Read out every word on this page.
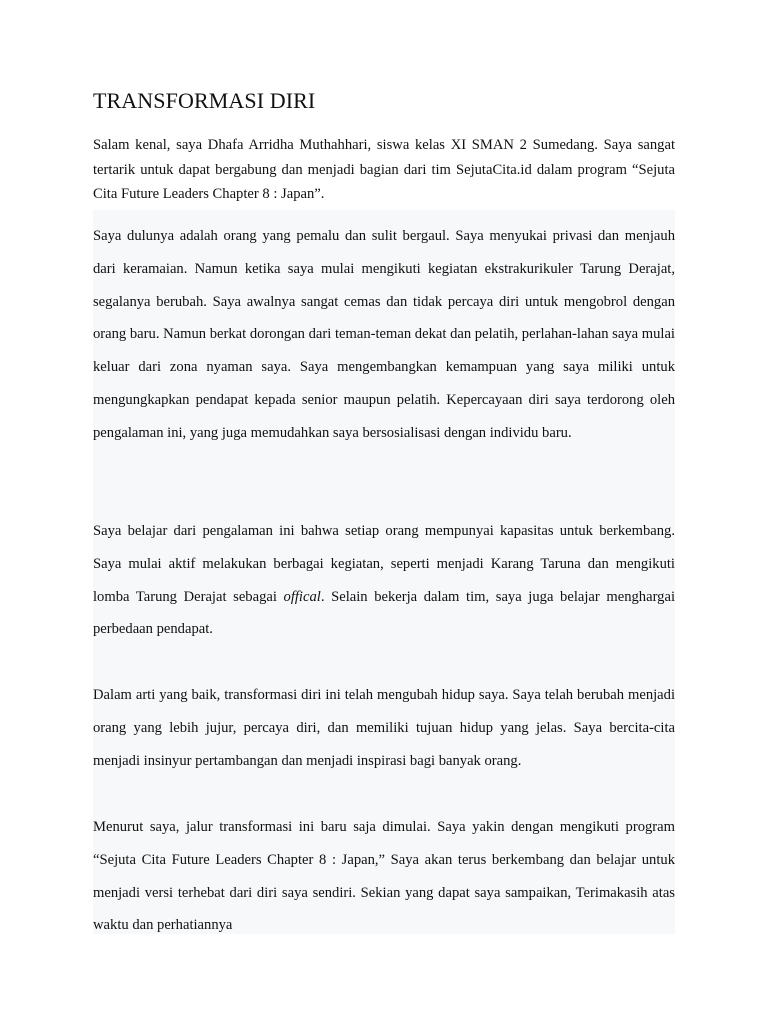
TRANSFORMASI DIRI

Salam kenal, saya Dhafa Arridha Muthahhari, siswa kelas XI SMAN 2 Sumedang. Saya sangat tertarik untuk dapat bergabung dan menjadi bagian dari tim SejutaCita.id dalam program “Sejuta Cita Future Leaders Chapter 8 : Japan”.

Saya dulunya adalah orang yang pemalu dan sulit bergaul. Saya menyukai privasi dan menjauh dari keramaian. Namun ketika saya mulai mengikuti kegiatan ekstrakurikuler Tarung Derajat, segalanya berubah. Saya awalnya sangat cemas dan tidak percaya diri untuk mengobrol dengan orang baru. Namun berkat dorongan dari teman-teman dekat dan pelatih, perlahan-lahan saya mulai keluar dari zona nyaman saya. Saya mengembangkan kemampuan yang saya miliki untuk mengungkapkan pendapat kepada senior maupun pelatih. Kepercayaan diri saya terdorong oleh pengalaman ini, yang juga memudahkan saya bersosialisasi dengan individu baru.

Saya belajar dari pengalaman ini bahwa setiap orang mempunyai kapasitas untuk berkembang. Saya mulai aktif melakukan berbagai kegiatan, seperti menjadi Karang Taruna dan mengikuti lomba Tarung Derajat sebagai offical. Selain bekerja dalam tim, saya juga belajar menghargai perbedaan pendapat.

Dalam arti yang baik, transformasi diri ini telah mengubah hidup saya. Saya telah berubah menjadi orang yang lebih jujur, percaya diri, dan memiliki tujuan hidup yang jelas. Saya bercita-cita menjadi insinyur pertambangan dan menjadi inspirasi bagi banyak orang.

Menurut saya, jalur transformasi ini baru saja dimulai. Saya yakin dengan mengikuti program “Sejuta Cita Future Leaders Chapter 8 : Japan,” Saya akan terus berkembang dan belajar untuk menjadi versi terhebat dari diri saya sendiri. Sekian yang dapat saya sampaikan, Terimakasih atas waktu dan perhatiannya
